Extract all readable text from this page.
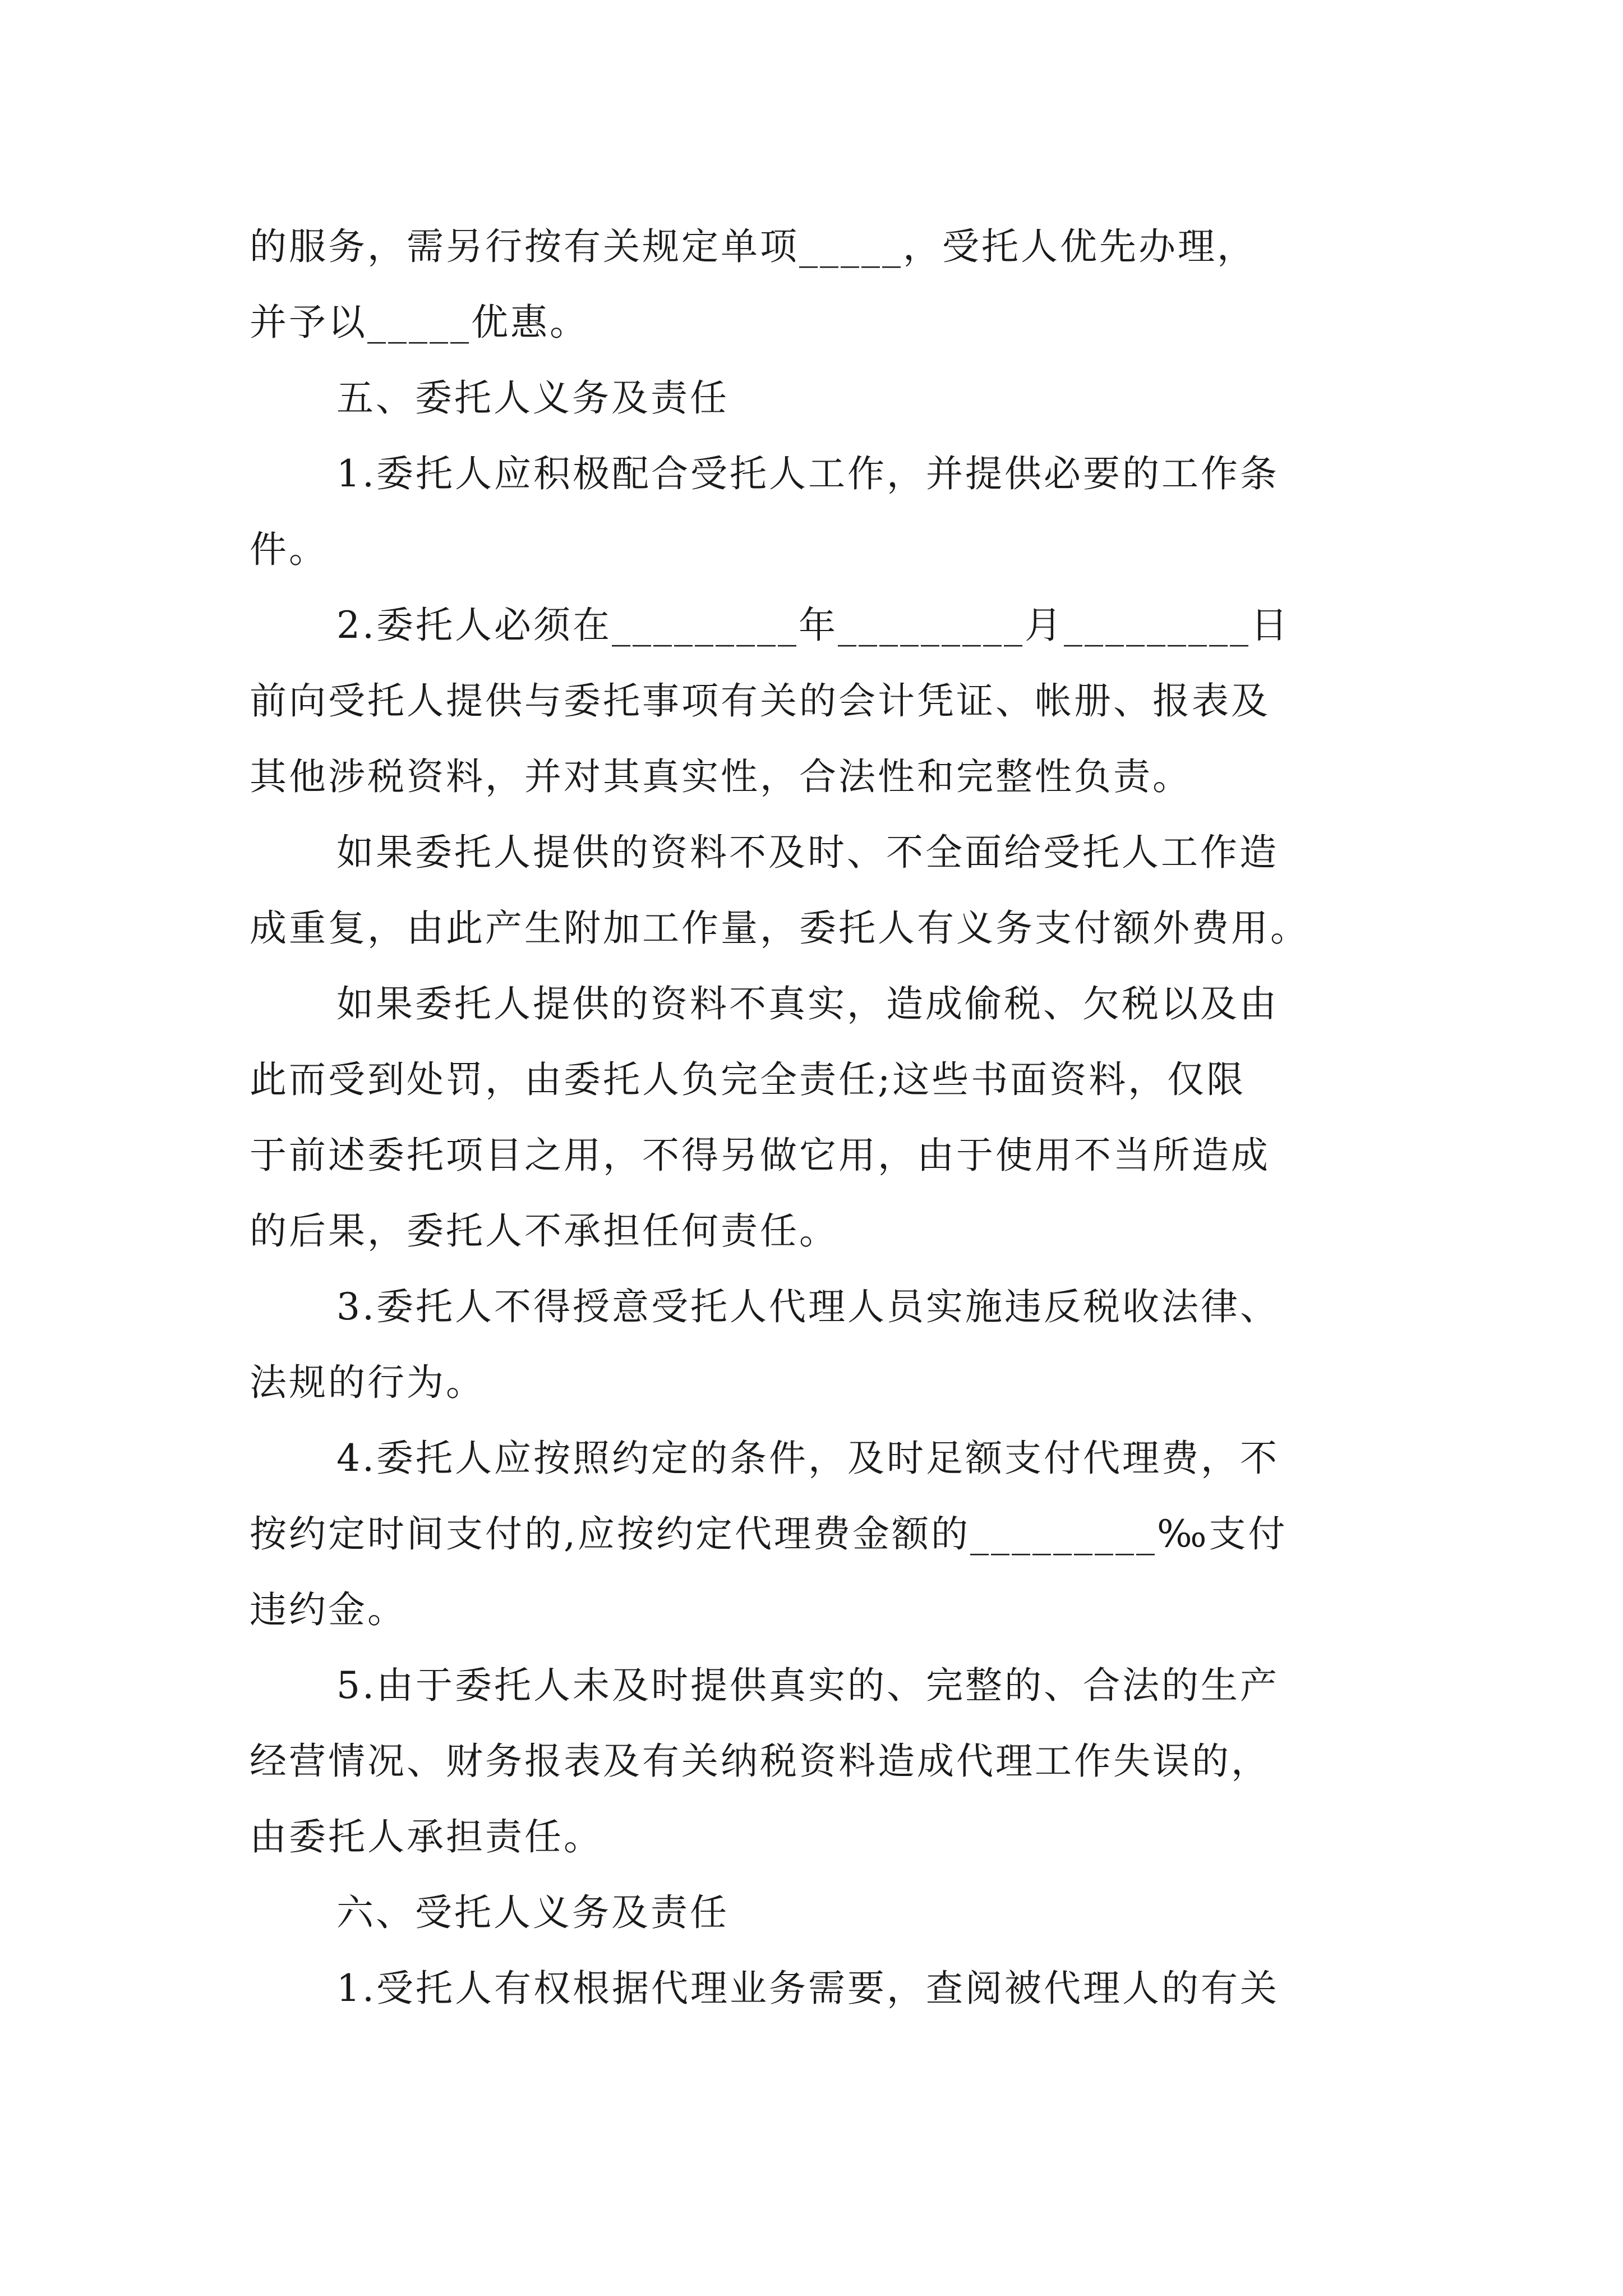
的服务，需另行按有关规定单项_____，受托人优先办理，
并予以_____优惠。
五、委托人义务及责任
1.委托人应积极配合受托人工作，并提供必要的工作条
件。
2.委托人必须在_________年_________月_________日
前向受托人提供与委托事项有关的会计凭证、帐册、报表及
其他涉税资料，并对其真实性，合法性和完整性负责。
如果委托人提供的资料不及时、不全面给受托人工作造
成重复，由此产生附加工作量，委托人有义务支付额外费用。
如果委托人提供的资料不真实，造成偷税、欠税以及由
此而受到处罚，由委托人负完全责任;这些书面资料，仅限
于前述委托项目之用，不得另做它用，由于使用不当所造成
的后果，委托人不承担任何责任。
3.委托人不得授意受托人代理人员实施违反税收法律、
法规的行为。
4.委托人应按照约定的条件，及时足额支付代理费，不
按约定时间支付的,应按约定代理费金额的_________‰支付
违约金。
5.由于委托人未及时提供真实的、完整的、合法的生产
经营情况、财务报表及有关纳税资料造成代理工作失误的，
由委托人承担责任。
六、受托人义务及责任
1.受托人有权根据代理业务需要，查阅被代理人的有关
